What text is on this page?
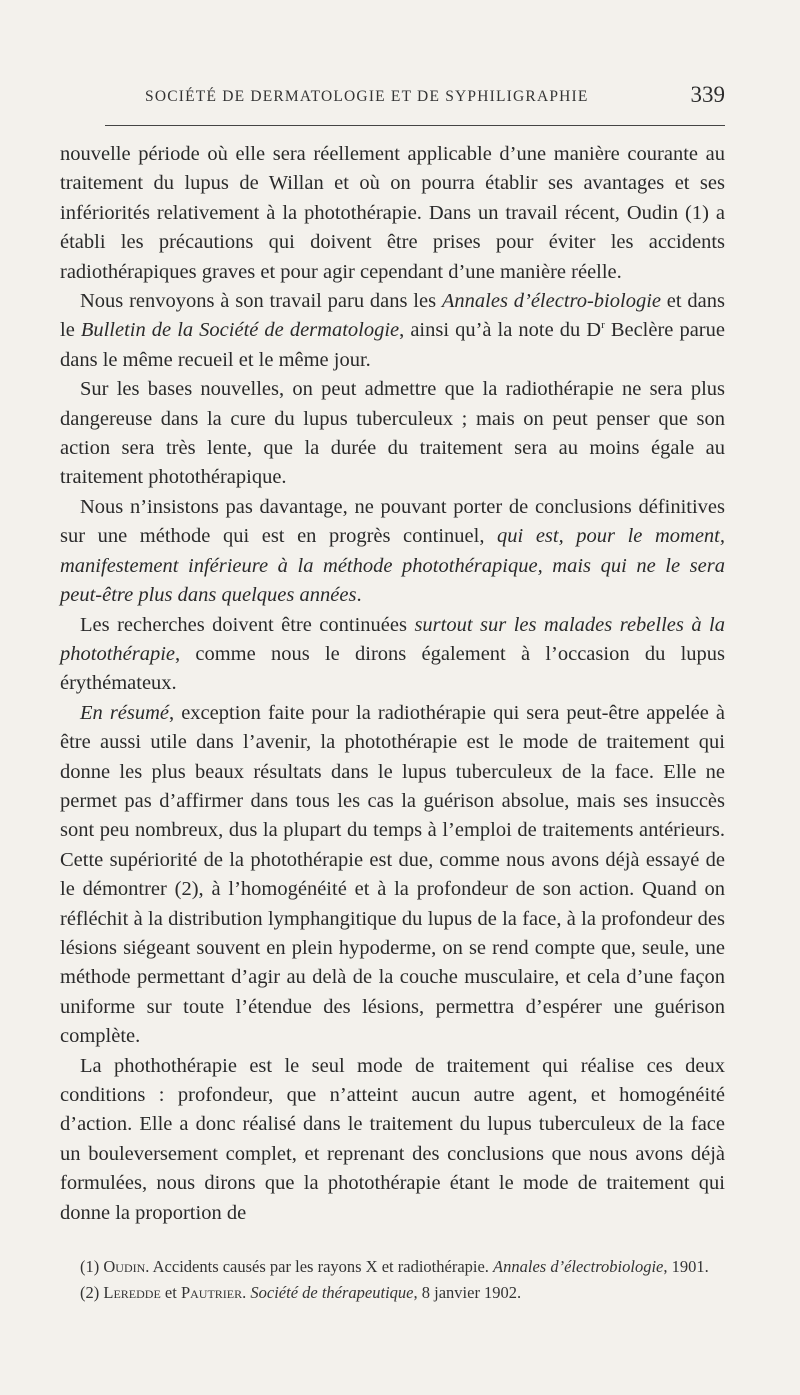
SOCIÉTÉ DE DERMATOLOGIE ET DE SYPHILIGRAPHIE	339

nouvelle période où elle sera réellement applicable d’une manière courante au traitement du lupus de Willan et où on pourra établir ses avantages et ses infériorités relativement à la photothérapie. Dans un travail récent, Oudin (1) a établi les précautions qui doivent être prises pour éviter les accidents radiothérapiques graves et pour agir cependant d’une manière réelle.

Nous renvoyons à son travail paru dans les Annales d’électro-biologie et dans le Bulletin de la Société de dermatologie, ainsi qu’à la note du $D^r$ Beclère parue dans le même recueil et le même jour.

Sur les bases nouvelles, on peut admettre que la radiothérapie ne sera plus dangereuse dans la cure du lupus tuberculeux ; mais on peut penser que son action sera très lente, que la durée du traitement sera au moins égale au traitement photothérapique.

Nous n’insistons pas davantage, ne pouvant porter de conclusions définitives sur une méthode qui est en progrès continuel, qui est, pour le moment, manifestement inférieure à la méthode photothérapique, mais qui ne le sera peut-être plus dans quelques années.

Les recherches doivent être continuées surtout sur les malades rebelles à la photothérapie, comme nous le dirons également à l’occasion du lupus érythémateux.

En résumé, exception faite pour la radiothérapie qui sera peut-être appelée à être aussi utile dans l’avenir, la photothérapie est le mode de traitement qui donne les plus beaux résultats dans le lupus tuberculeux de la face. Elle ne permet pas d’affirmer dans tous les cas la guérison absolue, mais ses insuccès sont peu nombreux, dus la plupart du temps à l’emploi de traitements antérieurs. Cette supériorité de la photothérapie est due, comme nous avons déjà essayé de le démontrer (2), à l’homogénéité et à la profondeur de son action. Quand on réfléchit à la distribution lymphangitique du lupus de la face, à la profondeur des lésions siégeant souvent en plein hypoderme, on se rend compte que, seule, une méthode permettant d’agir au delà de la couche musculaire, et cela d’une façon uniforme sur toute l’étendue des lésions, permettra d’espérer une guérison complète.

La phothothérapie est le seul mode de traitement qui réalise ces deux conditions : profondeur, que n’atteint aucun autre agent, et homogénéité d’action. Elle a donc réalisé dans le traitement du lupus tuberculeux de la face un bouleversement complet, et reprenant des conclusions que nous avons déjà formulées, nous dirons que la photothérapie étant le mode de traitement qui donne la proportion de

(1) Oudin. Accidents causés par les rayons X et radiothérapie. Annales d’électrobiologie, 1901.

(2) Leredde et Pautrier. Société de thérapeutique, 8 janvier 1902.
